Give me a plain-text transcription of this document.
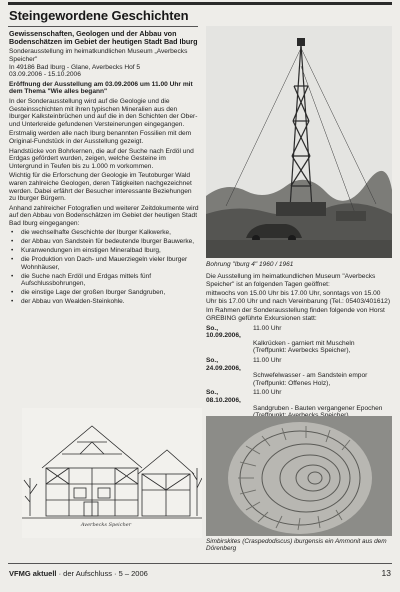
Steingewordene Geschichten
Gewissenschaften, Geologen und der Abbau von Bodenschätzen im Gebiet der heutigen Stadt Bad Iburg
Sonderausstellung im heimatkundlichen Museum „Averbecks Speicher"
In 49186 Bad Iburg - Glane, Averbecks Hof 5
03.09.2006 - 15.10.2006
Eröffnung der Ausstellung am 03.09.2006 um 11.00 Uhr mit dem Thema "Wie alles begann"
In der Sonderausstellung wird auf die Geologie und die Gesteinsschichten mit ihren typischen Mineralien aus den Iburger Kalksteinbrüchen und auf die in den Schichten der Ober- und Unterkreide gefundenen Versteinerungen eingegangen.
Erstmalig werden alle nach Iburg benannten Fossilien mit dem Original-Fundstück in der Ausstellung gezeigt.
Handstücke von Bohrkernen, die auf der Suche nach Erdöl und Erdgas gefördert wurden, zeigen, welche Gesteine im Untergrund in Teufen bis zu 1.000 m vorkommen.
Wichtig für die Erforschung der Geologie im Teutoburger Wald waren zahlreiche Geologen, deren Tätigkeiten nachgezeichnet werden. Dabei erfährt der Besucher interessante Beziehungen zu Iburger Bürgern.
Anhand zahlreicher Fotografien und weiterer Zeitdokumente wird auf den Abbau von Bodenschätzen im Gebiet der heutigen Stadt Bad Iburg eingegangen:
• die wechselhafte Geschichte der Iburger Kalkwerke,
• der Abbau von Sandstein für bedeutende Iburger Bauwerke,
• Kuranwendungen im einstigen Mineralbad Iburg,
• die Produktion von Dach- und Mauerziegeln vieler Iburger Wohnhäuser,
• die Suche nach Erdöl und Erdgas mittels fünf Aufschlussbohrungen,
• die einstige Lage der großen Iburger Sandgruben,
• der Abbau von Wealden-Steinkohle.
Bohrung "Iburg 4" 1960 / 1961
Die Ausstellung im heimatkundlichen Museum "Averbecks Speicher" ist an folgenden Tagen geöffnet:
mittwochs von 15.00 Uhr bis 17.00 Uhr, sonntags von 15.00 Uhr bis 17.00 Uhr und nach Vereinbarung (Tel.: 05403/401612)
Im Rahmen der Sonderausstellung finden folgende von Horst GREBING geführte Exkursionen statt:
So., 10.09.2006,
11.00 Uhr
Kalkrücken - garniert mit Muscheln
(Treffpunkt: Averbecks Speicher),
So., 24.09.2006,
11.00 Uhr
Schwefelwasser - am Sandstein empor
(Treffpunkt: Offenes Holz),
So., 08.10.2006,
11.00 Uhr
Sandgruben - Bauten vergangener Epochen
Averbecks Speicher
Simbirskites (Craspedodiscus) iburgensis ein Ammonit aus dem Dörenberg
VFMG aktuell · der Aufschluss · 5 – 2006	13
